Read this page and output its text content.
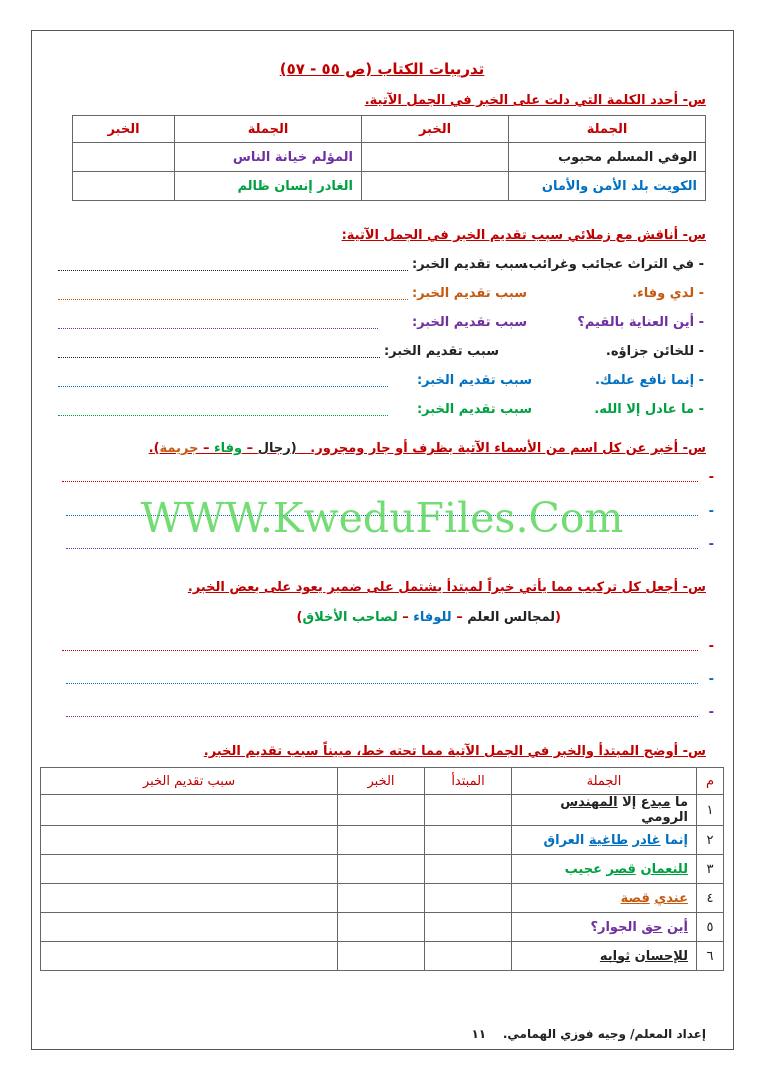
تدريبات الكتاب (ص ٥٥ - ٥٧)
س- أحدد الكلمة التي دلت على الخبر في الجمل الآتية.
الجملة	الخبر	الجملة	الخبر
الوفي المسلم محبوب		المؤلم خيانة الناس	
الكويت بلد الأمن والأمان		الغادر إنسان ظالم	
س- أناقش مع زملائي سبب تقديم الخبر في الجمل الآتية:
- في التراث عجائب وغرائب.
سبب تقديم الخبر:
- لدي وفاء.
سبب تقديم الخبر:
- أين العناية بالقيم؟
سبب تقديم الخبر:
- للخائن جزاؤه.
سبب تقديم الخبر:
- إنما نافع علمك.
سبب تقديم الخبر:
- ما عادل إلا الله.
سبب تقديم الخبر:
س- أخبر عن كل اسم من الأسماء الآتية بظرف أو جار ومجرور.   (رجال – وفاء – جريمة).
-
-
-
WWW.KweduFiles.Com
س- أجعل كل تركيب مما يأتي خبراً لمبتدأ يشتمل على ضمير يعود على بعض الخبر.
(لمجالس العلم – للوفاء – لصاحب الأخلاق)
-
-
-
س- أوضح المبتدأ والخبر في الجمل الآتية مما تحته خط، مبيناً سبب تقديم الخبر.
م	الجملة	المبتدأ	الخبر	سبب تقديم الخبر
١	ما مبدع إلا المهندس الرومي			
٢	إنما غادر طاغية العراق			
٣	للنعمان قصر عجيب			
٤	عندي قصة			
٥	أين حق الجوار؟			
٦	للإحسان ثوابه			
إعداد المعلم/ وجيه فوزي الهمامي.    ١١
